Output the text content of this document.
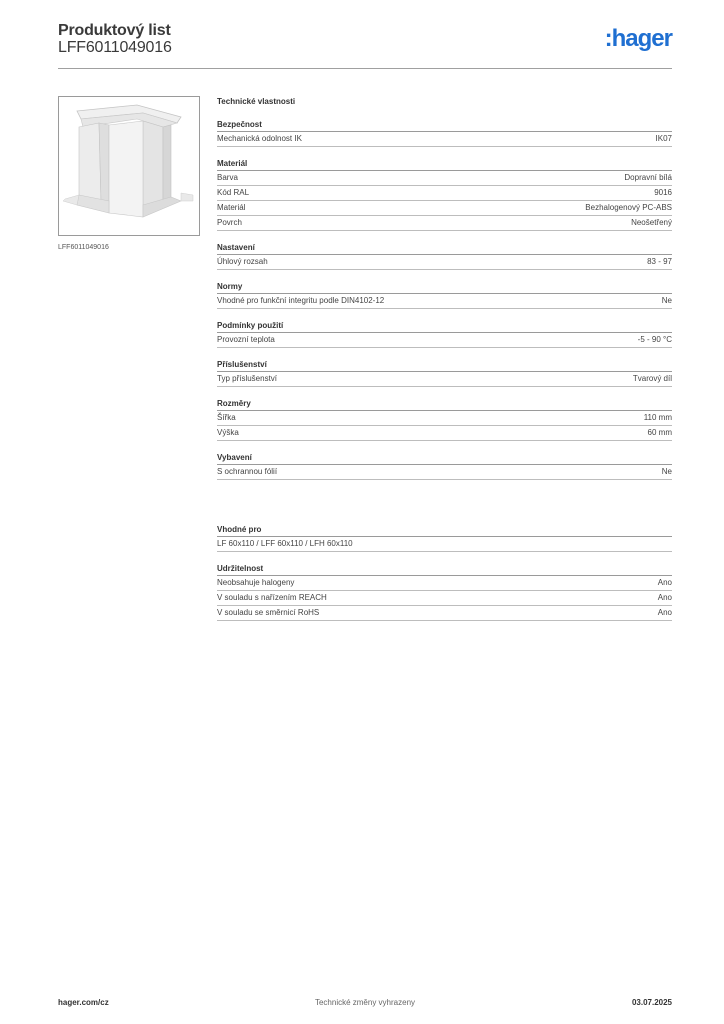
Produktový list
LFF6011049016	:hager
LFF6011049016
Technické vlastnosti
Bezpečnost
Mechanická odolnost IK	IK07
Materiál
Barva	Dopravní bílá
Kód RAL	9016
Materiál	Bezhalogenový PC-ABS
Povrch	Neošetřený
Nastavení
Úhlový rozsah	83 - 97
Normy
Vhodné pro funkční integritu podle DIN4102-12	Ne
Podmínky použití
Provozní teplota	-5 - 90 °C
Příslušenství
Typ příslušenství	Tvarový díl
Rozměry
Šířka	110 mm
Výška	60 mm
Vybavení
S ochrannou fólií	Ne
Vhodné pro
LF 60x110 / LFF 60x110 / LFH 60x110
Udržitelnost
Neobsahuje halogeny	Ano
V souladu s nařízením REACH	Ano
V souladu se směrnicí RoHS	Ano
hager.com/cz	Technické změny vyhrazeny	03.07.2025
